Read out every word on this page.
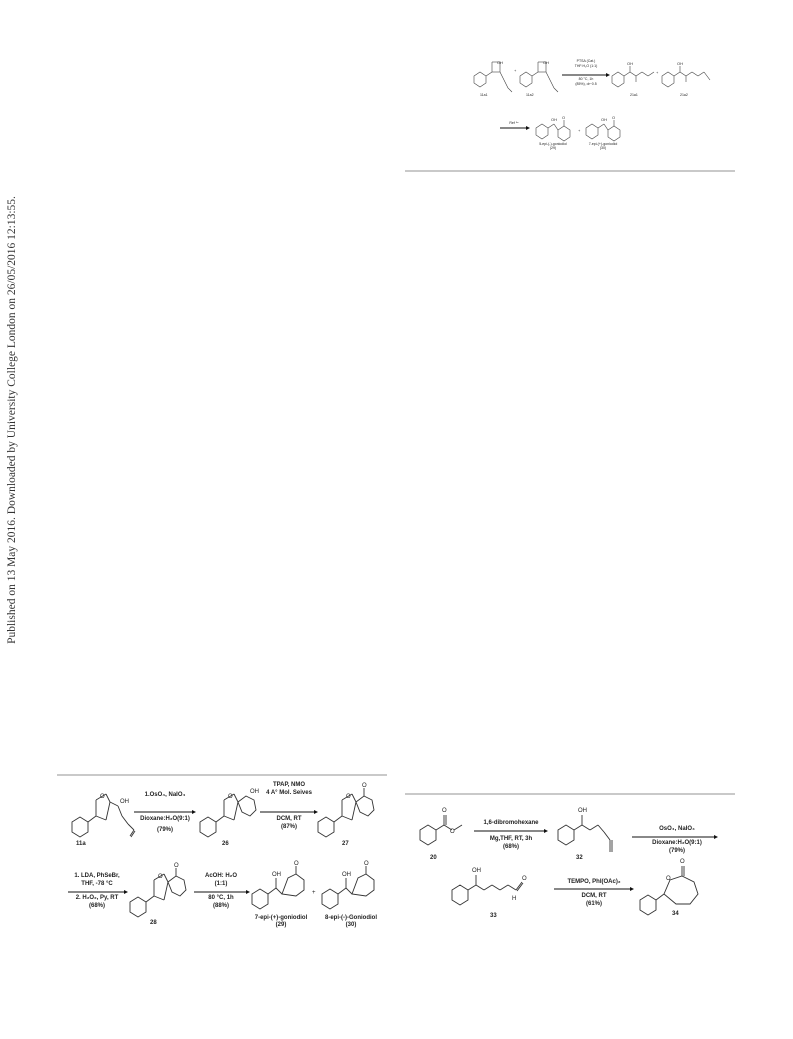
Published on 13 May 2016. Downloaded by University College London on 26/05/2016 12:13:55.
OH
+
OH	OH
+
OH
OH O
+
OH O
11a1	11a2	21a1	21a2
PTSA (Cat.)
THF:H₂O (1:1)
80 °C, 1h
(85%), dr~0.5
Ref ⁸ᵉ
5-epi-(-)-goniodiol
(29)
7-epi-(+)-goniodiol
(30)
O
OH
O
OH
O
O
O
O
OH
O
+
OH
O
11a
1.OsO₄, NaIO₄
Dioxane:H₂O(9:1)
(79%)
26
TPAP, NMO
4 A° Mol. Seives
DCM, RT
(87%)
27
1. LDA, PhSeBr,
THF, -78 °C
2. H₂O₂, Py, RT
(68%)
28
AcOH: H₂O
(1:1)
80 °C, 1h
(88%)
7-epi-(+)-goniodiol
(29)
8-epi-(-)-Goniodiol
(30)
O
O
OH
OH
O
H
O
O
20
1,6-dibromohexane
Mg,THF, RT, 3h
(68%)
32
OsO₄, NaIO₄
Dioxane:H₂O(9:1)
(79%)
33
TEMPO, PhI(OAc)₂
DCM, RT
(61%)
34
